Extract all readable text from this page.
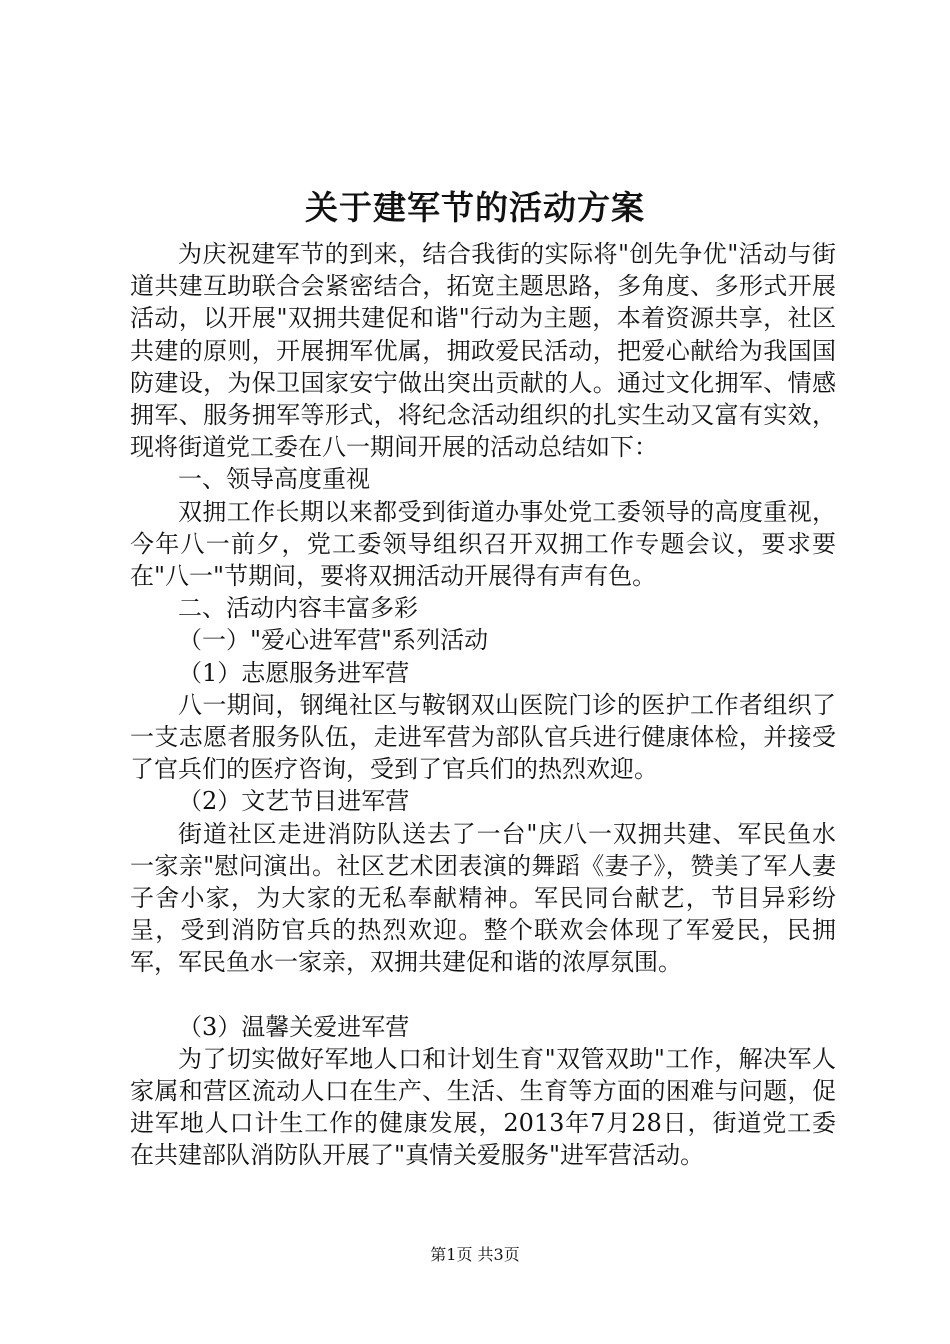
关于建军节的活动方案

为庆祝建军节的到来，结合我街的实际将"创先争优"活动与街道共建互助联合会紧密结合，拓宽主题思路，多角度、多形式开展活动，以开展"双拥共建促和谐"行动为主题，本着资源共享，社区共建的原则，开展拥军优属，拥政爱民活动，把爱心献给为我国国防建设，为保卫国家安宁做出突出贡献的人。通过文化拥军、情感拥军、服务拥军等形式，将纪念活动组织的扎实生动又富有实效，现将街道党工委在八一期间开展的活动总结如下：

一、领导高度重视

双拥工作长期以来都受到街道办事处党工委领导的高度重视，今年八一前夕，党工委领导组织召开双拥工作专题会议，要求要在"八一"节期间，要将双拥活动开展得有声有色。

二、活动内容丰富多彩

（一）"爱心进军营"系列活动

（1）志愿服务进军营

八一期间，钢绳社区与鞍钢双山医院门诊的医护工作者组织了一支志愿者服务队伍，走进军营为部队官兵进行健康体检，并接受了官兵们的医疗咨询，受到了官兵们的热烈欢迎。

（2）文艺节目进军营

街道社区走进消防队送去了一台"庆八一双拥共建、军民鱼水一家亲"慰问演出。社区艺术团表演的舞蹈《妻子》，赞美了军人妻子舍小家，为大家的无私奉献精神。军民同台献艺，节目异彩纷呈，受到消防官兵的热烈欢迎。整个联欢会体现了军爱民，民拥军，军民鱼水一家亲，双拥共建促和谐的浓厚氛围。

（3）温馨关爱进军营

为了切实做好军地人口和计划生育"双管双助"工作，解决军人家属和营区流动人口在生产、生活、生育等方面的困难与问题，促进军地人口计生工作的健康发展，2013年7月28日，街道党工委在共建部队消防队开展了"真情关爱服务"进军营活动。

第1页 共3页
